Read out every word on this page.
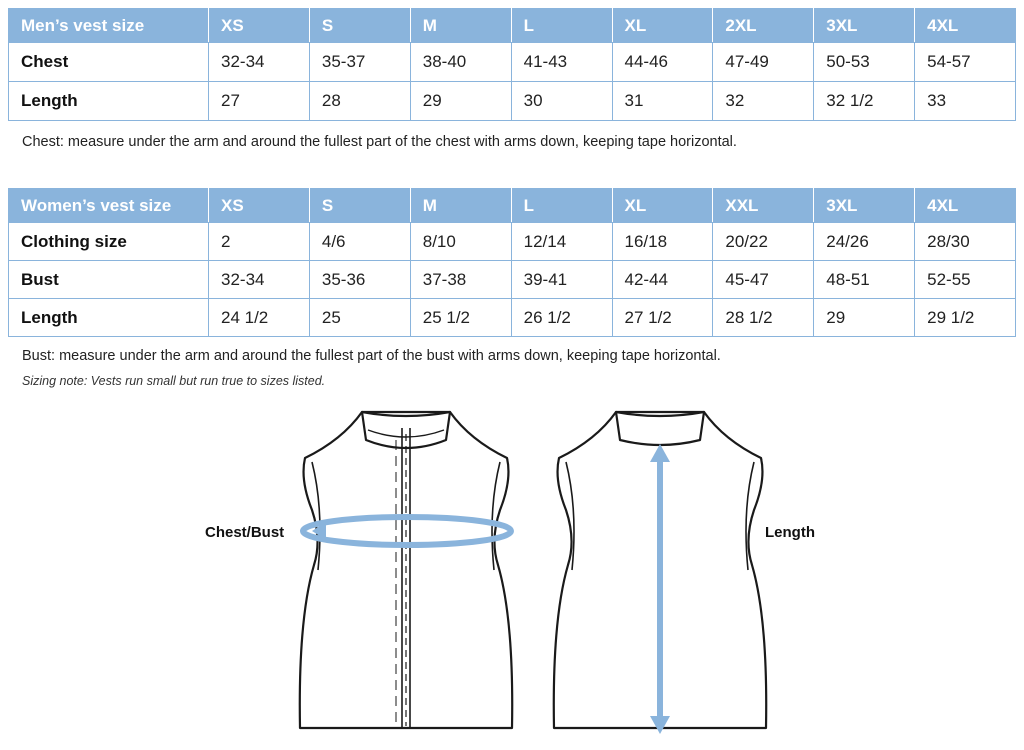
Men’s vest size	XS	S	M	L	XL	2XL	3XL	4XL
Chest	32-34	35-37	38-40	41-43	44-46	47-49	50-53	54-57
Length	27	28	29	30	31	32	32 1/2	33
Chest: measure under the arm and around the fullest part of the chest with arms down, keeping tape horizontal.
Women’s vest size	XS	S	M	L	XL	XXL	3XL	4XL
Clothing size	2	4/6	8/10	12/14	16/18	20/22	24/26	28/30
Bust	32-34	35-36	37-38	39-41	42-44	45-47	48-51	52-55
Length	24 1/2	25	25 1/2	26 1/2	27 1/2	28 1/2	29	29 1/2
Bust: measure under the arm and around the fullest part of the bust with arms down, keeping tape horizontal.
Sizing note: Vests run small but run true to sizes listed.
Chest/Bust	Length
